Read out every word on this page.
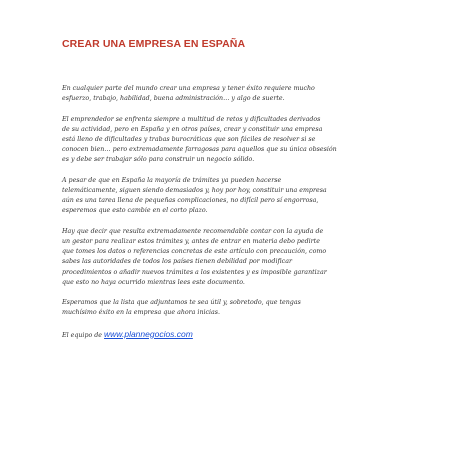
CREAR UNA EMPRESA EN ESPAÑA

En cualquier parte del mundo crear una empresa y tener éxito requiere mucho
esfuerzo, trabajo, habilidad, buena administración… y algo de suerte.

El emprendedor se enfrenta siempre a multitud de retos y dificultades derivados
de su actividad, pero en España y en otros países, crear y constituir una empresa
está lleno de dificultades y trabas burocráticas que son fáciles de resolver si se
conocen bien… pero extremadamente farragosas para aquellos que su única obsesión
es y debe ser trabajar sólo para construir un negocio sólido.

A pesar de que en España la mayoría de trámites ya pueden hacerse
telemáticamente, siguen siendo demasiados y, hoy por hoy, constituir una empresa
aún es una tarea llena de pequeñas complicaciones, no difícil pero sí engorrosa,
esperemos que esto cambie en el corto plazo.

Hay que decir que resulta extremadamente recomendable contar con la ayuda de
un gestor para realizar estos trámites y, antes de entrar en materia debo pedirte
que tomes los datos o referencias concretas de este artículo con precaución, como
sabes las autoridades de todos los países tienen debilidad por modificar
procedimientos o añadir nuevos trámites a los existentes y es imposible garantizar
que esto no haya ocurrido mientras lees este documento.

Esperamos que la lista que adjuntamos te sea útil y, sobretodo, que tengas
muchísimo éxito en la empresa que ahora inicias.

El equipo de www.plannegocios.com
